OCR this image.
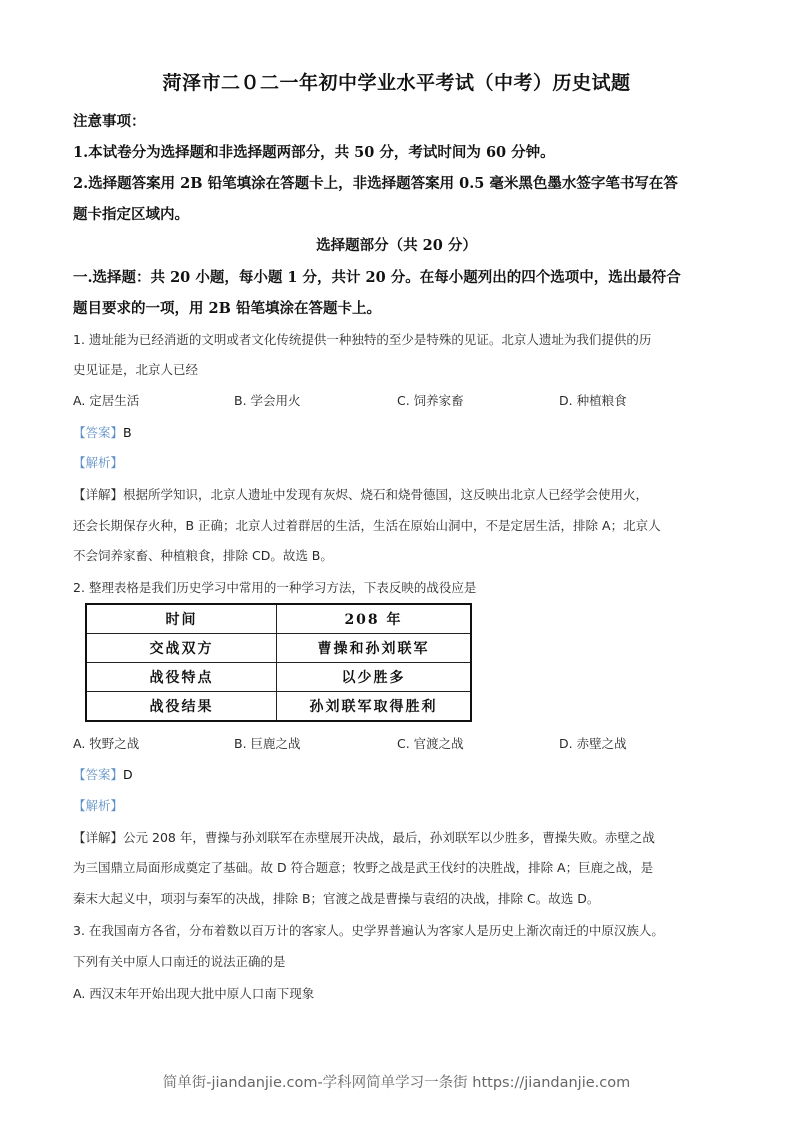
菏泽市二０二一年初中学业水平考试（中考）历史试题
注意事项：
1.本试卷分为选择题和非选择题两部分，共 50 分，考试时间为 60 分钟。
2.选择题答案用 2B 铅笔填涂在答题卡上，非选择题答案用 0.5 毫米黑色墨水签字笔书写在答
题卡指定区域内。
选择题部分（共 20 分）
一.选择题：共 20 小题，每小题 1 分，共计 20 分。在每小题列出的四个选项中，选出最符合
题目要求的一项，用 2B 铅笔填涂在答题卡上。
1. 遗址能为已经消逝的文明或者文化传统提供一种独特的至少是特殊的见证。北京人遗址为我们提供的历
史见证是，北京人已经
A. 定居生活	B. 学会用火	C. 饲养家畜	D. 种植粮食
【答案】B
【解析】
【详解】根据所学知识，北京人遗址中发现有灰烬、烧石和烧骨德国，这反映出北京人已经学会使用火，
还会长期保存火种，B 正确；北京人过着群居的生活，生活在原始山洞中，不是定居生活，排除 A；北京人
不会饲养家畜、种植粮食，排除 CD。故选 B。
2. 整理表格是我们历史学习中常用的一种学习方法，下表反映的战役应是
时间	208 年
交战双方	曹操和孙刘联军
战役特点	以少胜多
战役结果	孙刘联军取得胜利
A. 牧野之战	B. 巨鹿之战	C. 官渡之战	D. 赤壁之战
【答案】D
【解析】
【详解】公元 208 年，曹操与孙刘联军在赤壁展开决战，最后，孙刘联军以少胜多，曹操失败。赤壁之战
为三国鼎立局面形成奠定了基础。故 D 符合题意；牧野之战是武王伐纣的决胜战，排除 A；巨鹿之战，是
秦末大起义中，项羽与秦军的决战，排除 B；官渡之战是曹操与袁绍的决战，排除 C。故选 D。
3. 在我国南方各省，分布着数以百万计的客家人。史学界普遍认为客家人是历史上渐次南迁的中原汉族人。
下列有关中原人口南迁的说法正确的是
A. 西汉末年开始出现大批中原人口南下现象
简单街-jiandanjie.com-学科网简单学习一条街 https://jiandanjie.com
